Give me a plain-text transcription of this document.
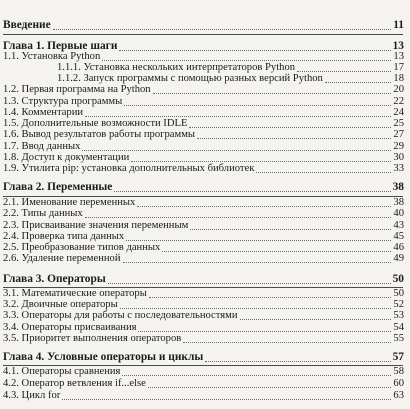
Введение	11
Глава 1. Первые шаги	13
1.1. Установка Python	13
1.1.1. Установка нескольких интерпретаторов Python	17
1.1.2. Запуск программы с помощью разных версий Python	18
1.2. Первая программа на Python	20
1.3. Структура программы	22
1.4. Комментарии	24
1.5. Дополнительные возможности IDLE	25
1.6. Вывод результатов работы программы	27
1.7. Ввод данных	29
1.8. Доступ к документации	30
1.9. Утилита pip: установка дополнительных библиотек	33
Глава 2. Переменные	38
2.1. Именование переменных	38
2.2. Типы данных	40
2.3. Присваивание значения переменным	43
2.4. Проверка типа данных	45
2.5. Преобразование типов данных	46
2.6. Удаление переменной	49
Глава 3. Операторы	50
3.1. Математические операторы	50
3.2. Двоичные операторы	52
3.3. Операторы для работы с последовательностями	53
3.4. Операторы присваивания	54
3.5. Приоритет выполнения операторов	55
Глава 4. Условные операторы и циклы	57
4.1. Операторы сравнения	58
4.2. Оператор ветвления if...else	60
4.3. Цикл for	63
